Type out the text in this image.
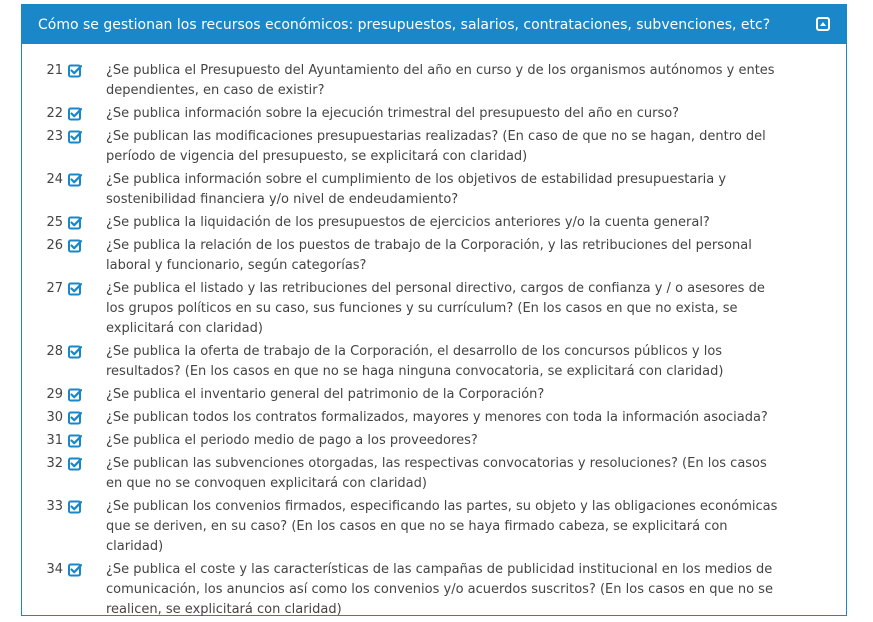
Cómo se gestionan los recursos económicos: presupuestos, salarios, contrataciones, subvenciones, etc?
21	¿Se publica el Presupuesto del Ayuntamiento del año en curso y de los organismos autónomos y entes dependientes, en caso de existir?
22	¿Se publica información sobre la ejecución trimestral del presupuesto del año en curso?
23	¿Se publican las modificaciones presupuestarias realizadas? (En caso de que no se hagan, dentro del período de vigencia del presupuesto, se explicitará con claridad)
24	¿Se publica información sobre el cumplimiento de los objetivos de estabilidad presupuestaria y sostenibilidad financiera y/o nivel de endeudamiento?
25	¿Se publica la liquidación de los presupuestos de ejercicios anteriores y/o la cuenta general?
26	¿Se publica la relación de los puestos de trabajo de la Corporación, y las retribuciones del personal laboral y funcionario, según categorías?
27	¿Se publica el listado y las retribuciones del personal directivo, cargos de confianza y / o asesores de los grupos políticos en su caso, sus funciones y su currículum? (En los casos en que no exista, se explicitará con claridad)
28	¿Se publica la oferta de trabajo de la Corporación, el desarrollo de los concursos públicos y los resultados? (En los casos en que no se haga ninguna convocatoria, se explicitará con claridad)
29	¿Se publica el inventario general del patrimonio de la Corporación?
30	¿Se publican todos los contratos formalizados, mayores y menores con toda la información asociada?
31	¿Se publica el periodo medio de pago a los proveedores?
32	¿Se publican las subvenciones otorgadas, las respectivas convocatorias y resoluciones? (En los casos en que no se convoquen explicitará con claridad)
33	¿Se publican los convenios firmados, especificando las partes, su objeto y las obligaciones económicas que se deriven, en su caso? (En los casos en que no se haya firmado cabeza, se explicitará con claridad)
34	¿Se publica el coste y las características de las campañas de publicidad institucional en los medios de comunicación, los anuncios así como los convenios y/o acuerdos suscritos? (En los casos en que no se realicen, se explicitará con claridad)
